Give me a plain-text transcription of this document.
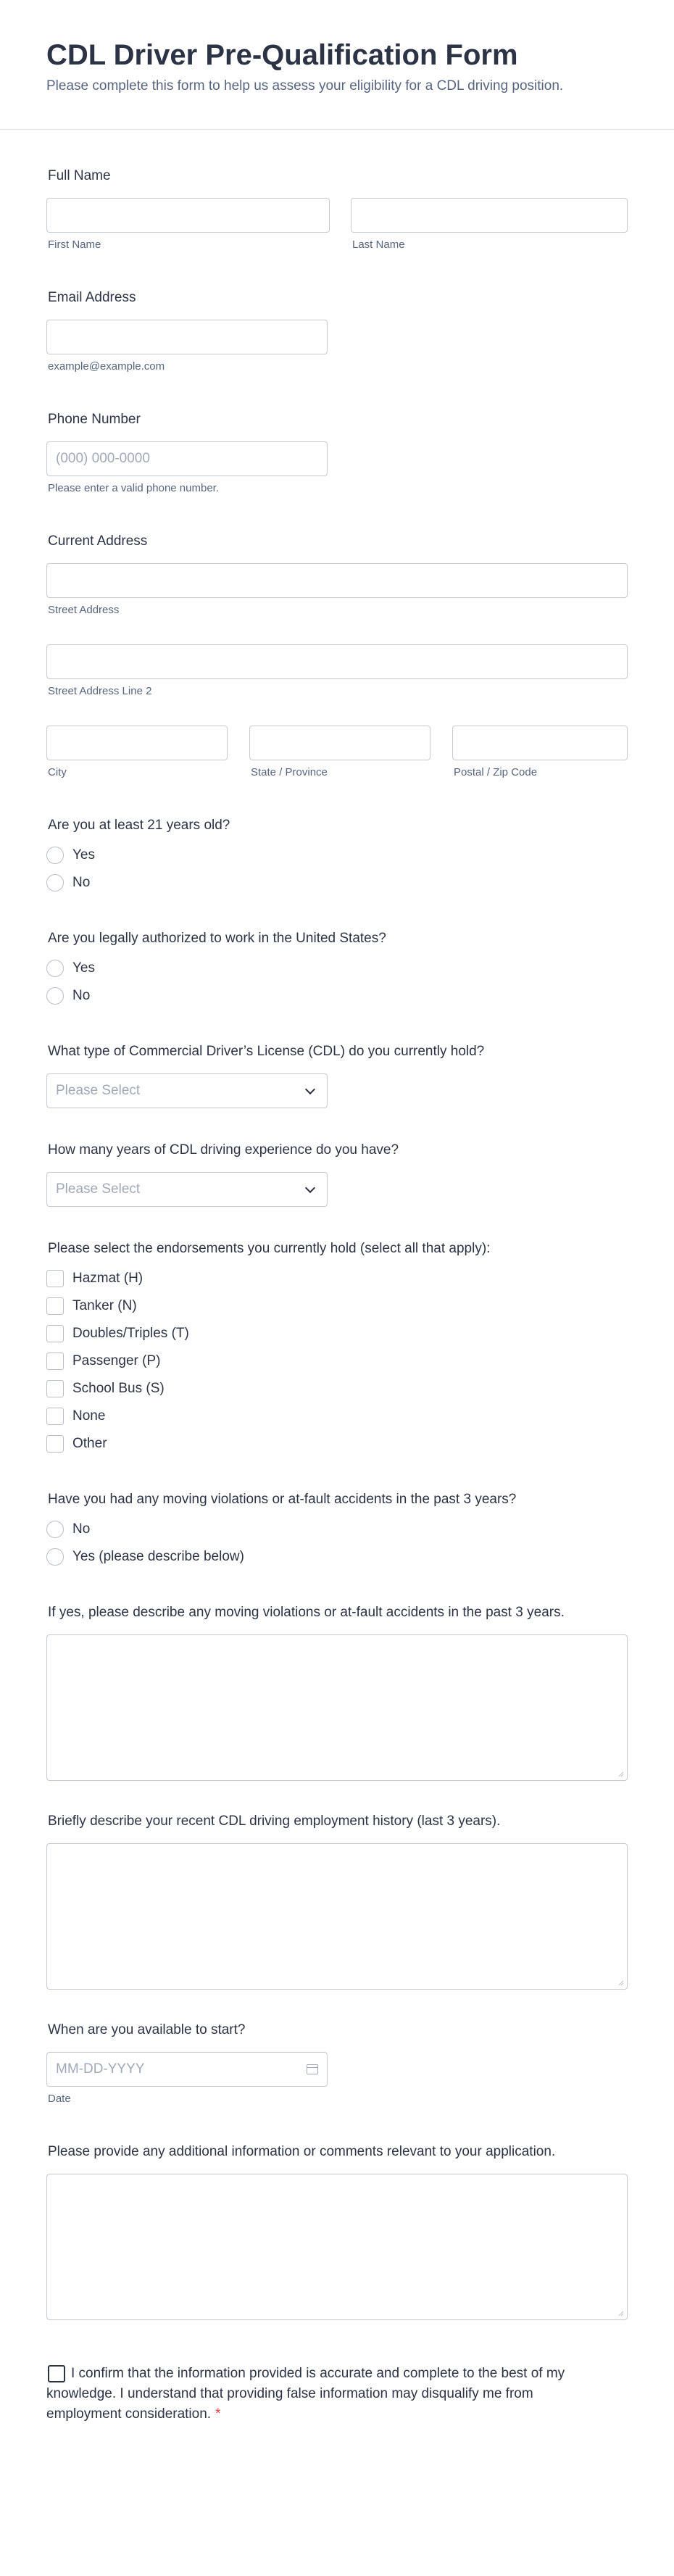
CDL Driver Pre-Qualification Form

Please complete this form to help us assess your eligibility for a CDL driving position.

Full Name
First Name	Last Name
Email Address
example@example.com
Phone Number
(000) 000-0000
Please enter a valid phone number.
Current Address
Street Address
Street Address Line 2
City	State / Province	Postal / Zip Code
Are you at least 21 years old?
Yes
No
Are you legally authorized to work in the United States?
Yes
No
What type of Commercial Driver’s License (CDL) do you currently hold?
Please Select
How many years of CDL driving experience do you have?
Please Select
Please select the endorsements you currently hold (select all that apply):
Hazmat (H)
Tanker (N)
Doubles/Triples (T)
Passenger (P)
School Bus (S)
None
Other
Have you had any moving violations or at-fault accidents in the past 3 years?
No
Yes (please describe below)
If yes, please describe any moving violations or at-fault accidents in the past 3 years.
Briefly describe your recent CDL driving employment history (last 3 years).
When are you available to start?
MM-DD-YYYY
Date
Please provide any additional information or comments relevant to your application.
I confirm that the information provided is accurate and complete to the best of my knowledge. I understand that providing false information may disqualify me from employment consideration. *
